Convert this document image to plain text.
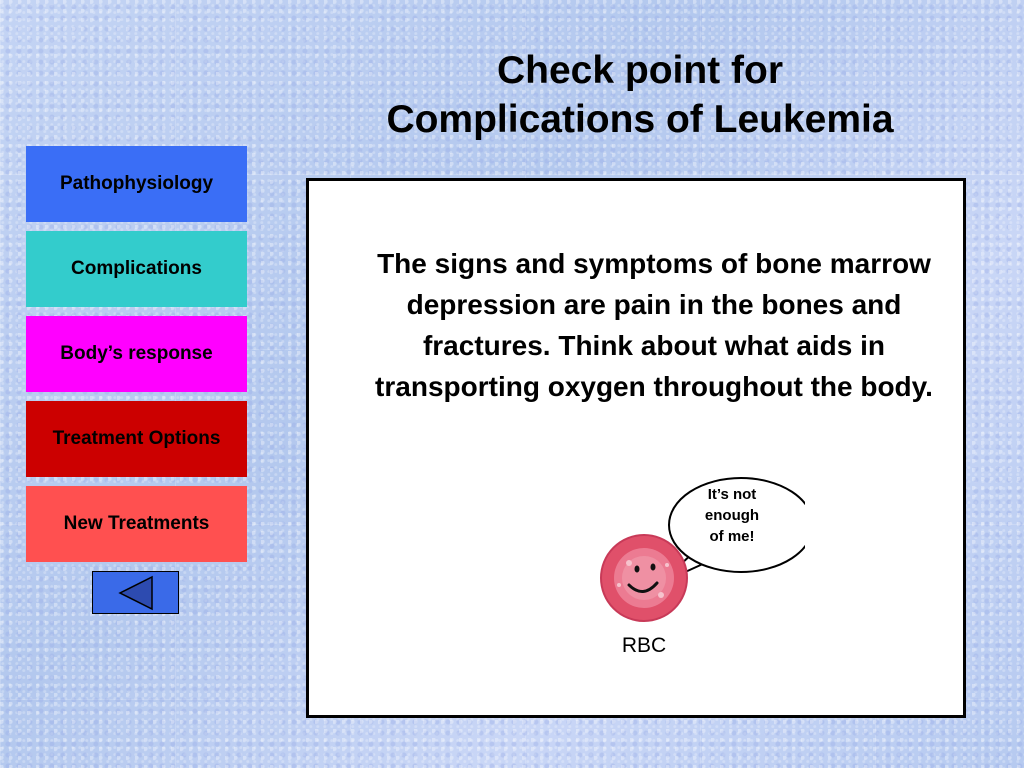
Check point for
Complications of Leukemia
Pathophysiology
Complications
Body’s response
Treatment Options
New Treatments
The signs and symptoms of bone marrow depression are pain in the bones and fractures. Think about what aids in transporting oxygen throughout the body.
It’s not
enough
of me!
RBC
